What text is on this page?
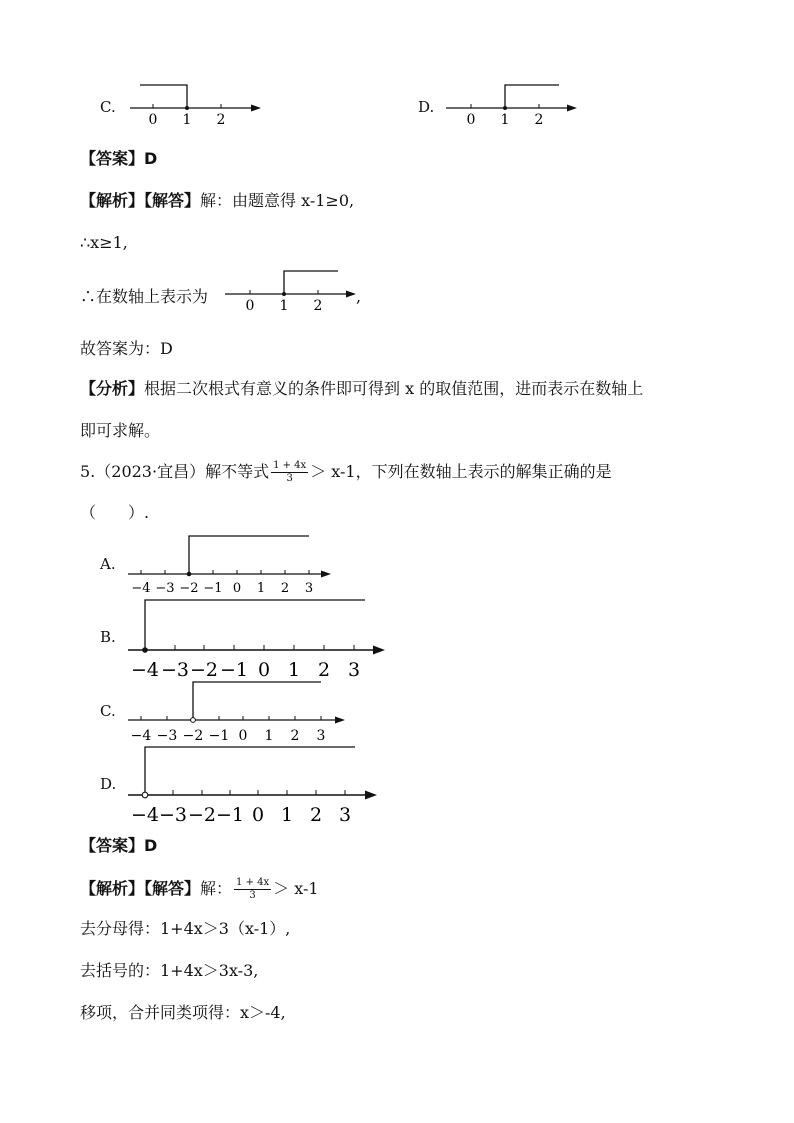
C.
0 1 2
D.
0 1 2
【答案】D
【解析】【解答】解：由题意得 x-1≥0,
∴x≥1,
∴在数轴上表示为	0 1 2 ,
故答案为：D
【分析】根据二次根式有意义的条件即可得到 x 的取值范围，进而表示在数轴上
即可求解。
5.（2023·宜昌）解不等式 $\frac{1 + 4x}{3} > x-1$，下列在数轴上表示的解集正确的是
（　　）.
A.
−4 −3 −2 −1 0 1 2 3
B.
−4 −3 −2 −1 0 1 2 3
C.
−4 −3 −2 −1 0 1 2 3
D.
−4 −3 −2 −1 0 1 2 3
【答案】D
【解析】【解答】解： $\frac{1 + 4x}{3} > x-1$
去分母得：1+4x＞3（x-1）,
去括号的：1+4x＞3x-3,
移项，合并同类项得：x＞-4,
